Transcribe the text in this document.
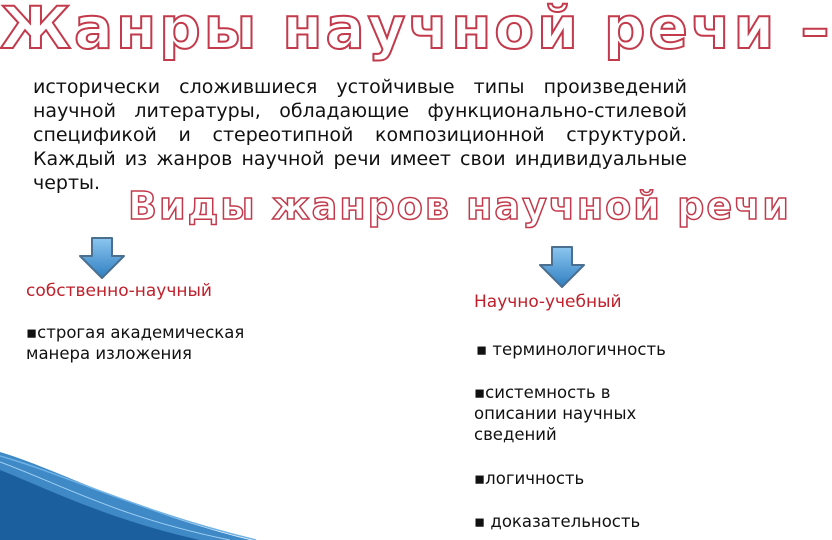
Жанры научной речи –
исторически сложившиеся устойчивые типы произведений научной литературы, обладающие функционально-стилевой спецификой и стереотипной композиционной структурой. Каждый из жанров научной речи имеет свои индивидуальные черты.
Виды жанров научной речи
собственно-научный
▪строгая академическая манера изложения
Научно-учебный
▪ терминологичность
▪системность в описании научных сведений
▪логичность
▪ доказательность
